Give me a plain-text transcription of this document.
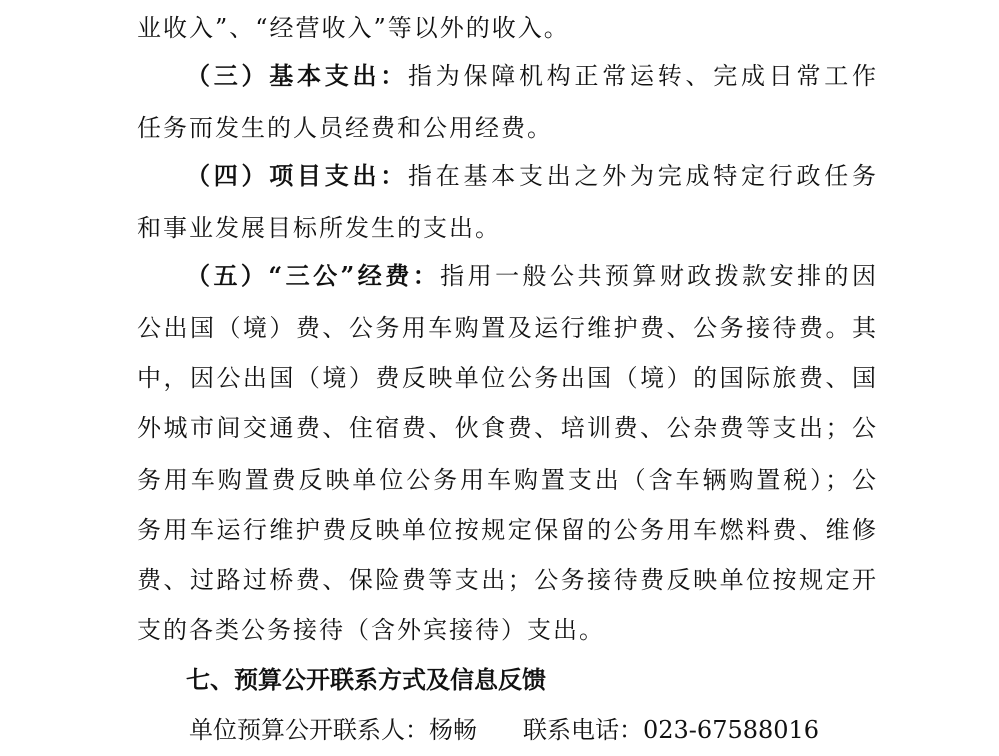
业收入”、“经营收入”等以外的收入。
（三）基本支出：指为保障机构正常运转、完成日常工作
任务而发生的人员经费和公用经费。
（四）项目支出：指在基本支出之外为完成特定行政任务
和事业发展目标所发生的支出。
（五）“三公”经费：指用一般公共预算财政拨款安排的因
公出国（境）费、公务用车购置及运行维护费、公务接待费。其
中，因公出国（境）费反映单位公务出国（境）的国际旅费、国
外城市间交通费、住宿费、伙食费、培训费、公杂费等支出；公
务用车购置费反映单位公务用车购置支出（含车辆购置税）；公
务用车运行维护费反映单位按规定保留的公务用车燃料费、维修
费、过路过桥费、保险费等支出；公务接待费反映单位按规定开
支的各类公务接待（含外宾接待）支出。
七、预算公开联系方式及信息反馈
单位预算公开联系人：杨畅 联系电话：023-67588016
